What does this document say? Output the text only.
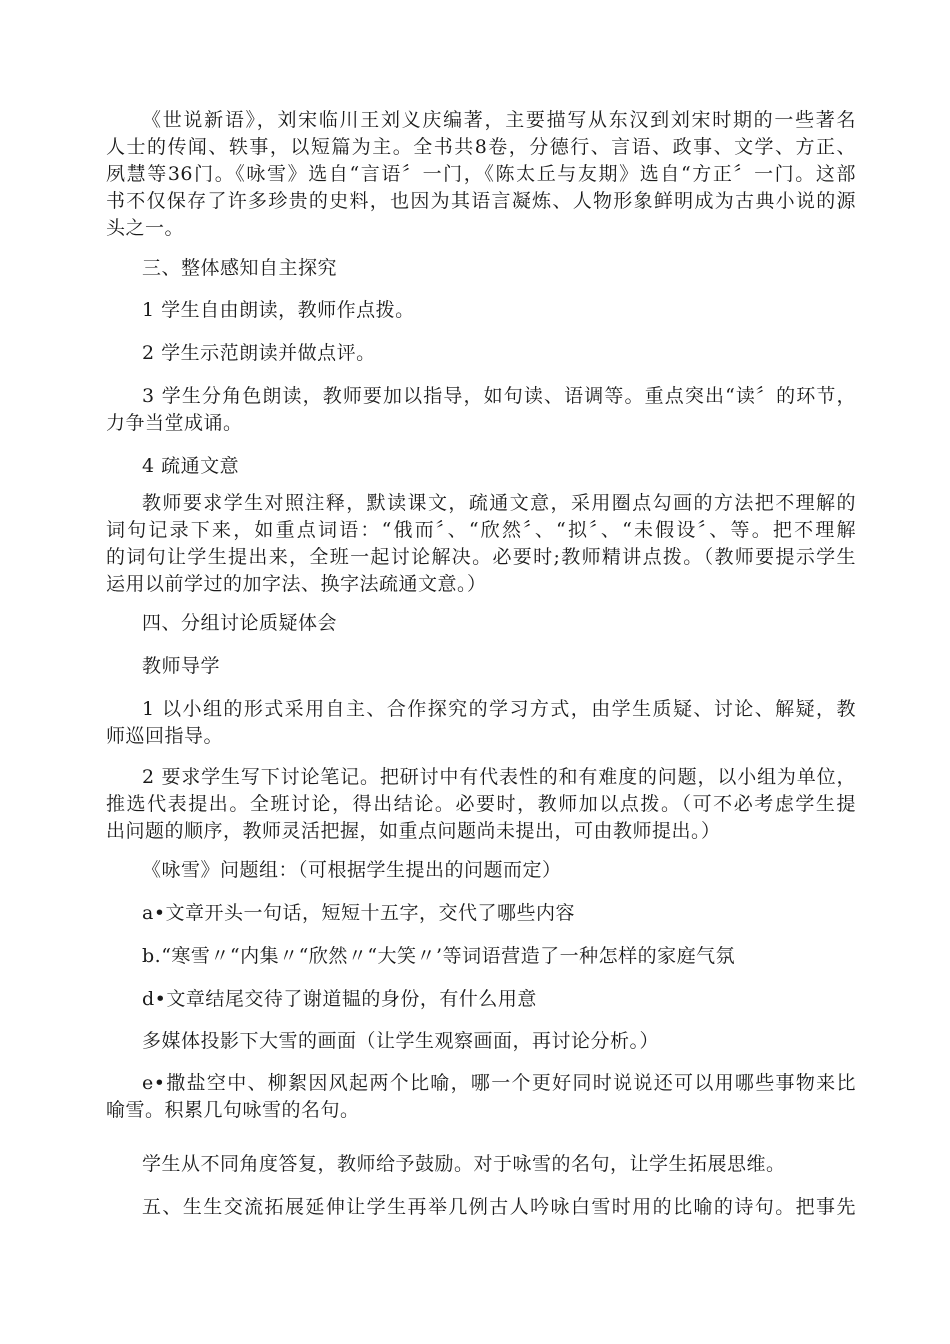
《世说新语》，刘宋临川王刘义庆编著，主要描写从东汉到刘宋时期的一些著名
人士的传闻、轶事，以短篇为主。全书共8卷，分德行、言语、政事、文学、方正、
夙慧等36门。《咏雪》选自“言语〞一门，《陈太丘与友期》选自“方正〞一门。这部
书不仅保存了许多珍贵的史料，也因为其语言凝炼、人物形象鲜明成为古典小说的源
头之一。
三、整体感知自主探究
1 学生自由朗读，教师作点拨。
2 学生示范朗读并做点评。
3 学生分角色朗读，教师要加以指导，如句读、语调等。重点突出“读〞的环节，
力争当堂成诵。
4 疏通文意
教师要求学生对照注释，默读课文，疏通文意，采用圈点勾画的方法把不理解的
词句记录下来，如重点词语：“俄而〞、“欣然〞、“拟〞、“未假设〞、等。把不理解
的词句让学生提出来，全班一起讨论解决。必要时;教师精讲点拨。（教师要提示学生
运用以前学过的加字法、换字法疏通文意。）
四、分组讨论质疑体会
教师导学
1 以小组的形式采用自主、合作探究的学习方式，由学生质疑、讨论、解疑，教
师巡回指导。
2 要求学生写下讨论笔记。把研讨中有代表性的和有难度的问题，以小组为单位，
推选代表提出。全班讨论，得出结论。必要时，教师加以点拨。（可不必考虑学生提
出问题的顺序，教师灵活把握，如重点问题尚未提出，可由教师提出。）
《咏雪》问题组：（可根据学生提出的问题而定）
a•文章开头一句话，短短十五字，交代了哪些内容
b.“寒雪〃“内集〃“欣然〃“大笑〃’等词语营造了一种怎样的家庭气氛
d•文章结尾交待了谢道韫的身份，有什么用意
多媒体投影下大雪的画面（让学生观察画面，再讨论分析。）
e•撒盐空中、柳絮因风起两个比喻，哪一个更好同时说说还可以用哪些事物来比
喻雪。积累几句咏雪的名句。
学生从不同角度答复，教师给予鼓励。对于咏雪的名句，让学生拓展思维。
五、生生交流拓展延伸让学生再举几例古人吟咏白雪时用的比喻的诗句。把事先
